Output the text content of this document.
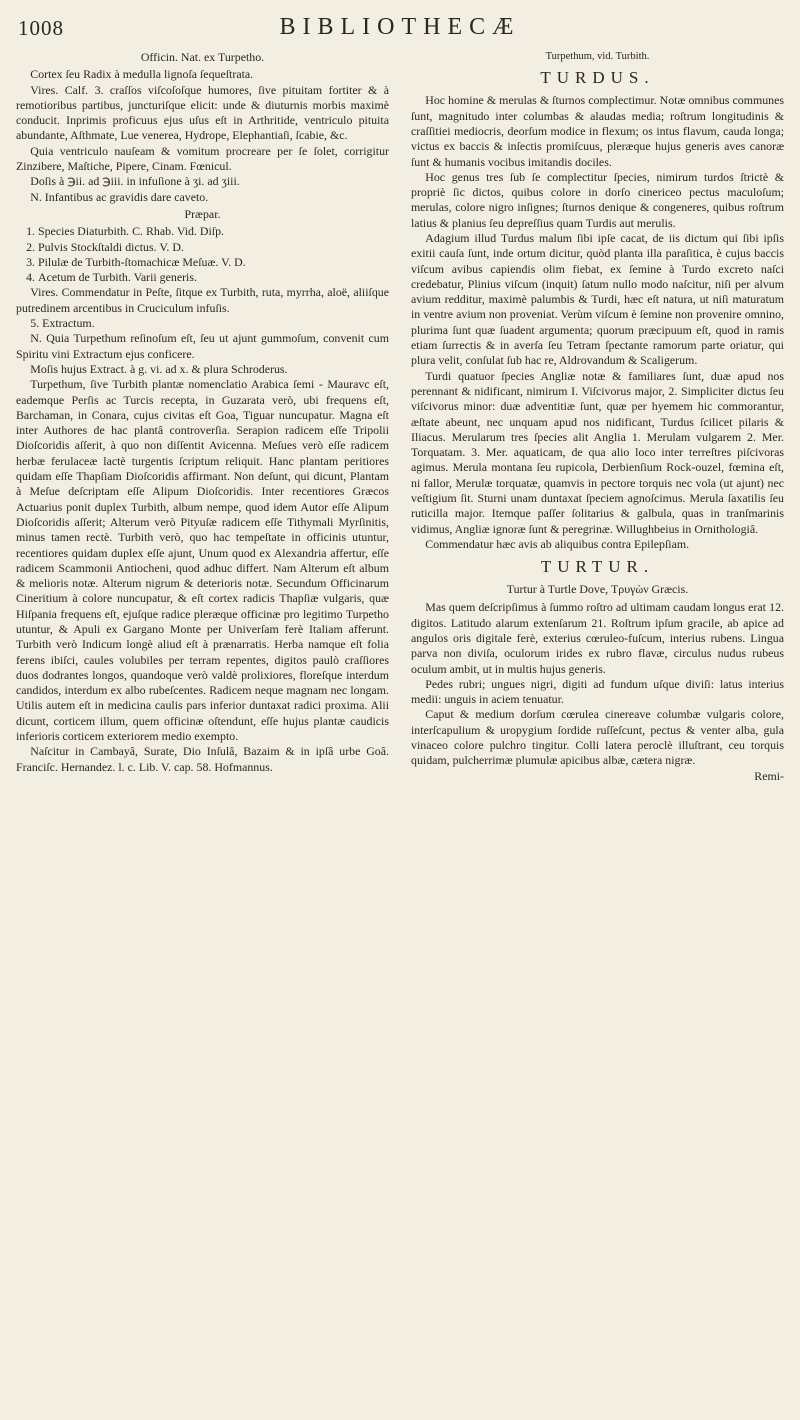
1008	BIBLIOTHECÆ

Officin. Nat. ex Turpetho.

Cortex ſeu Radix à medulla lignoſa ſequeſtrata.

Vires. Calf. 3. craſſos viſcoſoſque humores, ſive pituitam fortiter & à remotioribus partibus, juncturiſque elicit: unde & diuturnis morbis maximè conducit. Inprimis proficuus ejus uſus eſt in Arthritide, ventriculo pituita abundante, Aſthmate, Lue venerea, Hydrope, Elephantiaſi, ſcabie, &c.

Quia ventriculo nauſeam & vomitum procreare per ſe ſolet, corrigitur Zinzibere, Maſtiche, Pipere, Cinam. Fœnicul.

Doſis à ℈ii. ad ℈iii. in infuſione à ʒi. ad ʒiii.

N. Infantibus ac gravidis dare caveto.

Præpar.

1. Species Diaturbith. C. Rhab. Vid. Diſp.
2. Pulvis Stockſtaldi dictus. V. D.
3. Pilulæ de Turbith-ſtomachicæ Meſuæ. V. D.
4. Acetum de Turbith. Varii generis.

Vires. Commendatur in Peſte, ſitque ex Turbith, ruta, myrrha, aloë, aliiſque putredinem arcentibus in Cruciculum infuſis.

5. Extractum.

N. Quia Turpethum reſinoſum eſt, ſeu ut ajunt gummoſum, convenit cum Spiritu vini Extractum ejus conficere.

Moſis hujus Extract. à g. vi. ad x. & plura Schroderus.

Turpethum, ſive Turbith plantæ nomenclatio Arabica ſemi - Mauravc eſt, eademque Perſis ac Turcis recepta, in Guzarata verò, ubi frequens eſt, Barchaman, in Conara, cujus civitas eſt Goa, Tiguar nuncupatur. Magna eſt inter Authores de hac plantâ controverſia. Serapion radicem eſſe Tripolii Dioſcoridis aſſerit, à quo non diſſentit Avicenna. Meſues verò eſſe radicem herbæ ferulaceæ lactè turgentis ſcriptum reliquit. Hanc plantam peritiores quidam eſſe Thapſiam Dioſcoridis affirmant. Non deſunt, qui dicunt, Plantam à Meſue deſcriptam eſſe Alipum Dioſcoridis. Inter recentiores Græcos Actuarius ponit duplex Turbith, album nempe, quod idem Autor eſſe Alipum Dioſcoridis aſſerit; Alterum verò Pityuſæ radicem eſſe Tithymali Myrſinitis, minus tamen rectè. Turbith verò, quo hac tempeſtate in officinis utuntur, recentiores quidam duplex eſſe ajunt, Unum quod ex Alexandria affertur, eſſe radicem Scammonii Antiocheni, quod adhuc differt. Nam Alterum eſt album & melioris notæ. Alterum nigrum & deterioris notæ. Secundum Officinarum Cineritium à colore nuncupatur, & eſt cortex radicis Thapſiæ vulgaris, quæ Hiſpania frequens eſt, ejuſque radice pleræque officinæ pro legitimo Turpetho utuntur, & Apuli ex Gargano Monte per Univerſam ferè Italiam afferunt. Turbith verò Indicum longè aliud eſt à prænarratis. Herba namque eſt folia ferens ibiſci, caules volubiles per terram repentes, digitos paulò craſſiores duos dodrantes longos, quandoque verò valdè prolixiores, floreſque interdum candidos, interdum ex albo rubeſcentes. Radicem neque magnam nec longam. Utilis autem eſt in medicina caulis pars inferior duntaxat radici proxima. Alii dicunt, corticem illum, quem officinæ oſtendunt, eſſe hujus plantæ caudicis inferioris corticem exteriorem medio exempto.

Naſcitur in Cambayâ, Surate, Dio Inſulâ, Bazaim & in ipſâ urbe Goâ. Franciſc. Hernandez. l. c. Lib. V. cap. 58. Hofmannus.

Turpethum, vid. Turbith.

TURDUS.

Hoc homine & merulas & ſturnos complectimur. Notæ omnibus communes ſunt, magnitudo inter columbas & alaudas media; roſtrum longitudinis & craſſitiei mediocris, deorſum modice in flexum; os intus flavum, cauda longa; victus ex baccis & inſectis promiſcuus, pleræque hujus generis aves canoræ ſunt & humanis vocibus imitandis dociles.

Hoc genus tres ſub ſe complectitur ſpecies, nimirum turdos ſtrictè & propriè ſic dictos, quibus colore in dorſo cinericeo pectus maculoſum; merulas, colore nigro inſignes; ſturnos denique & congeneres, quibus roſtrum latius & planius ſeu depreſſius quam Turdis aut merulis.

Adagium illud Turdus malum ſibi ipſe cacat, de iis dictum qui ſibi ipſis exitii cauſa ſunt, inde ortum dicitur, quòd planta illa paraſitica, è cujus baccis viſcum avibus capiendis olim fiebat, ex ſemine à Turdo excreto naſci credebatur, Plinius viſcum (inquit) ſatum nullo modo naſcitur, niſi per alvum avium redditur, maximè palumbis & Turdi, hæc eſt natura, ut niſi maturatum in ventre avium non proveniat. Verùm viſcum è ſemine non provenire omnino, plurima ſunt quæ ſuadent argumenta; quorum præcipuum eſt, quod in ramis etiam ſurrectis & in averſa ſeu Tetram ſpectante ramorum parte oriatur, qui plura velit, conſulat ſub hac re, Aldrovandum & Scaligerum.

Turdi quatuor ſpecies Angliæ notæ & familiares ſunt, duæ apud nos perennant & nidificant, nimirum I. Viſcivorus major, 2. Simpliciter dictus ſeu viſcivorus minor: duæ adventitiæ ſunt, quæ per hyemem hic commorantur, æſtate abeunt, nec unquam apud nos nidificant, Turdus ſcilicet pilaris & Iliacus. Merularum tres ſpecies alit Anglia 1. Merulam vulgarem 2. Mer. Torquatam. 3. Mer. aquaticam, de qua alio loco inter terreſtres piſcivoras agimus. Merula montana ſeu rupicola, Derbienſium Rock-ouzel, fœmina eſt, ni fallor, Merulæ torquatæ, quamvis in pectore torquis nec vola (ut ajunt) nec veſtigium ſit. Sturni unam duntaxat ſpeciem agnoſcimus. Merula ſaxatilis ſeu ruticilla major. Itemque paſſer ſolitarius & galbula, quas in tranſmarinis vidimus, Angliæ ignoræ ſunt & peregrinæ. Willughbeius in Ornithologiâ.

Commendatur hæc avis ab aliquibus contra Epilepſiam.

TURTUR.

Turtur à Turtle Dove, Τρυγὼν Græcis.

Mas quem deſcripſimus à ſummo roſtro ad ultimam caudam longus erat 12. digitos. Latitudo alarum extenſarum 21. Roſtrum ipſum gracile, ab apice ad angulos oris digitale ferè, exterius cœruleo-fuſcum, interius rubens. Lingua parva non diviſa, oculorum irides ex rubro flavæ, circulus nudus rubeus oculum ambit, ut in multis hujus generis.

Pedes rubri; ungues nigri, digiti ad fundum uſque diviſi: latus interius medii: unguis in aciem tenuatur.

Caput & medium dorſum cœrulea cinereave columbæ vulgaris colore, interſcapulium & uropygium ſordide ruſſeſcunt, pectus & venter alba, gula vinaceo colore pulchro tingitur. Colli latera peroclè illuſtrant, ceu torquis quidam, pulcherrimæ plumulæ apicibus albæ, cætera nigræ.

Remi-
